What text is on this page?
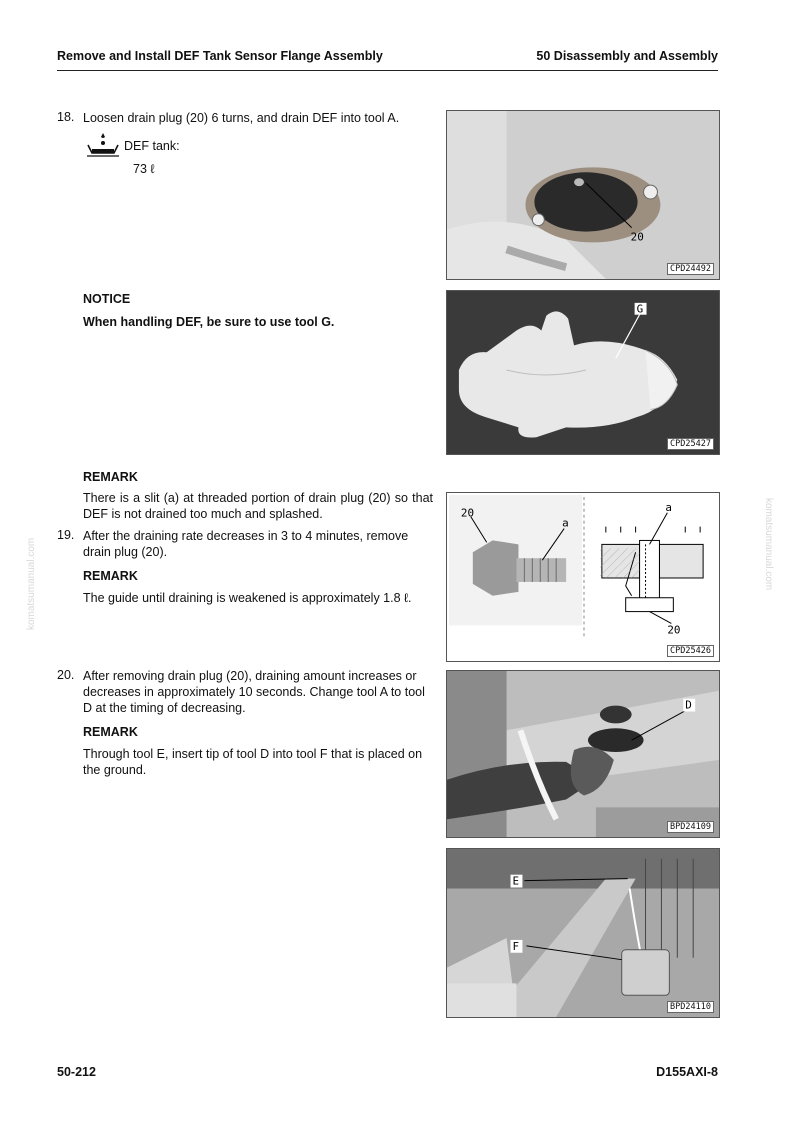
Remove and Install DEF Tank Sensor Flange Assembly	50 Disassembly and Assembly
komatsumanual.com	komatsumanual.com
18. Loosen drain plug (20) 6 turns, and drain DEF into tool A.
DEF tank:
73 ℓ
NOTICE
When handling DEF, be sure to use tool G.
REMARK
There is a slit (a) at threaded portion of drain plug (20) so that DEF is not drained too much and splashed.
19. After the draining rate decreases in 3 to 4 minutes, remove drain plug (20).
REMARK
The guide until draining is weakened is approximately 1.8 ℓ.
20. After removing drain plug (20), draining amount increases or decreases in approximately 10 seconds. Change tool A to tool D at the timing of decreasing.
REMARK
Through tool E, insert tip of tool D into tool F that is placed on the ground.
20
CPD24492
G
CPD25427
20
a
a
20
CPD25426
D
BPD24109
E
F
BPD24110
50-212	D155AXI-8
